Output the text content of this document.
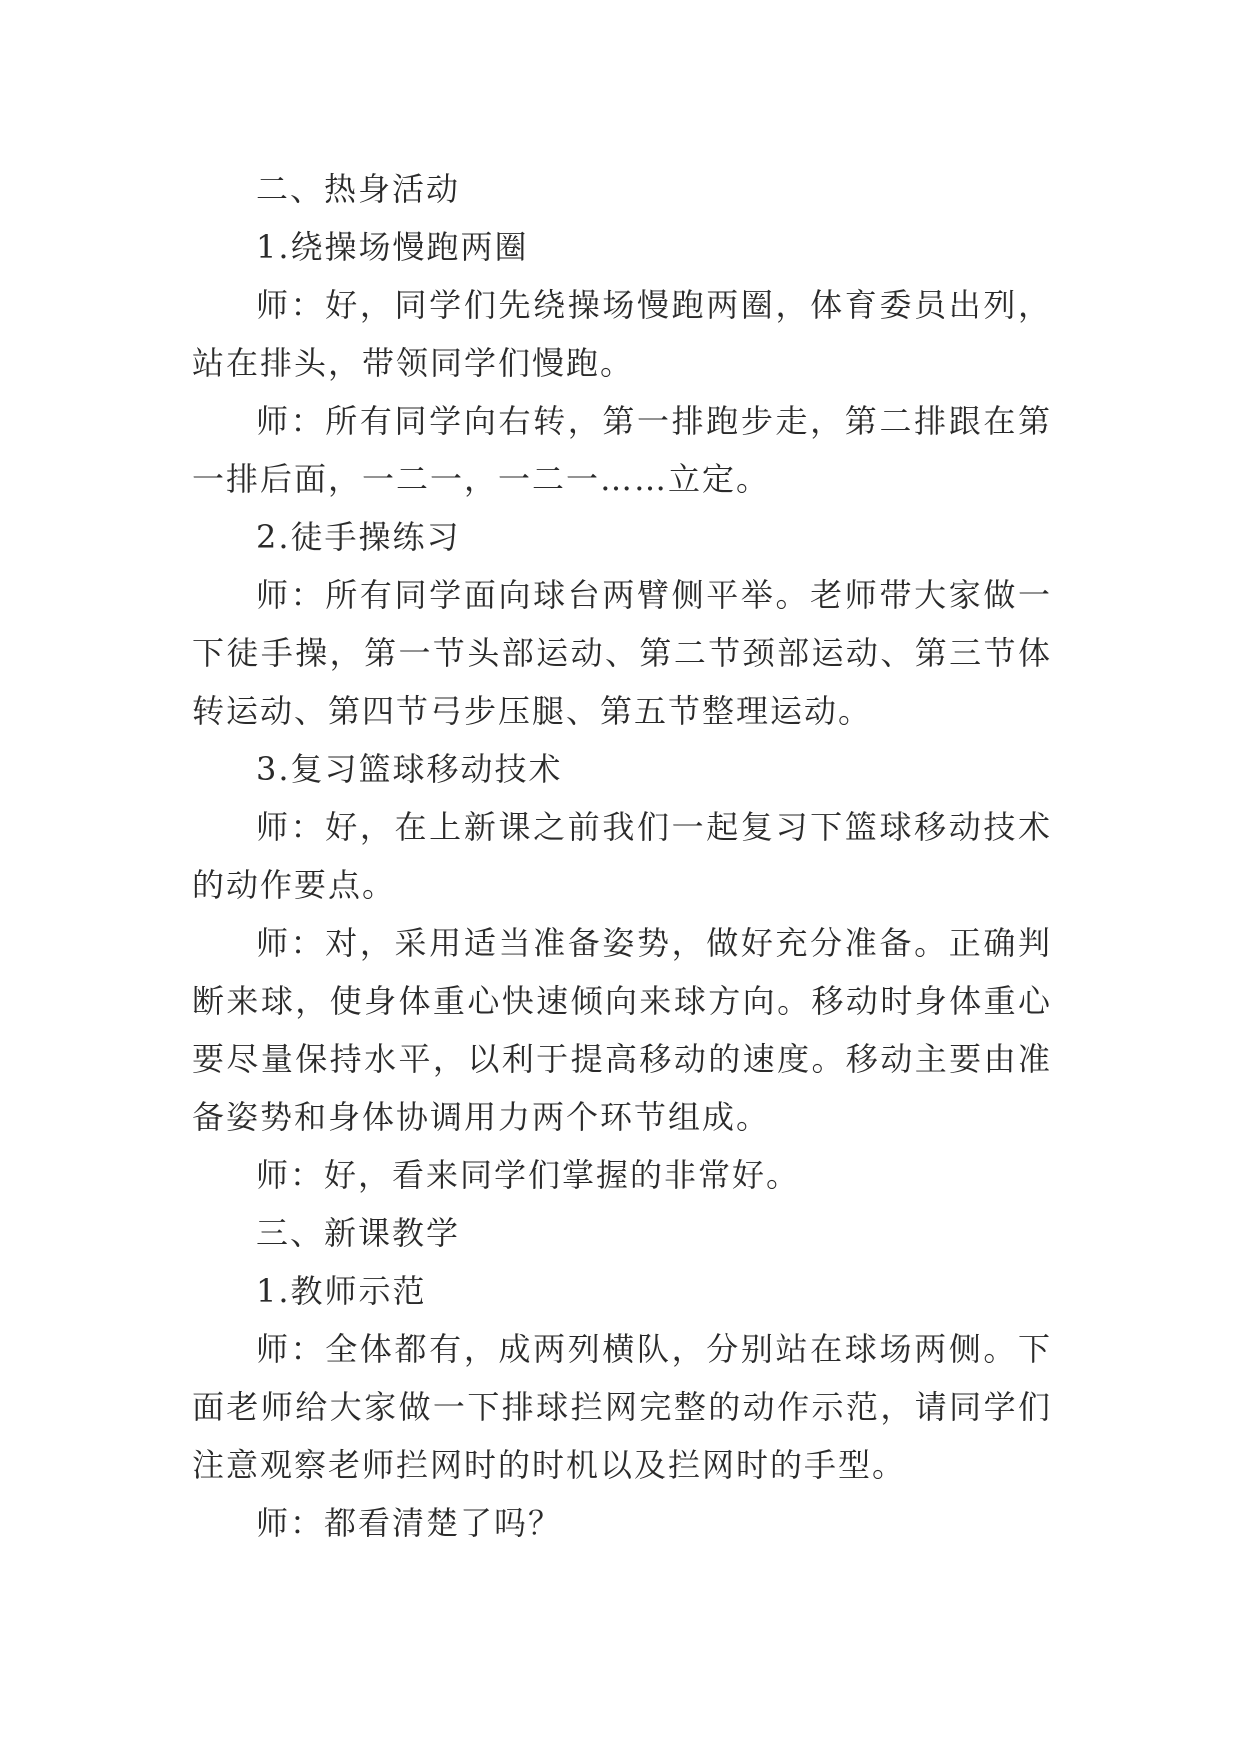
二、热身活动

1.绕操场慢跑两圈

师：好，同学们先绕操场慢跑两圈，体育委员出列，站在排头，带领同学们慢跑。

师：所有同学向右转，第一排跑步走，第二排跟在第一排后面，一二一，一二一……立定。

2.徒手操练习

师：所有同学面向球台两臂侧平举。老师带大家做一下徒手操，第一节头部运动、第二节颈部运动、第三节体转运动、第四节弓步压腿、第五节整理运动。

3.复习篮球移动技术

师：好，在上新课之前我们一起复习下篮球移动技术的动作要点。

师：对，采用适当准备姿势，做好充分准备。正确判断来球，使身体重心快速倾向来球方向。移动时身体重心要尽量保持水平，以利于提高移动的速度。移动主要由准备姿势和身体协调用力两个环节组成。

师：好，看来同学们掌握的非常好。

三、新课教学

1.教师示范

师：全体都有，成两列横队，分别站在球场两侧。下面老师给大家做一下排球拦网完整的动作示范，请同学们注意观察老师拦网时的时机以及拦网时的手型。

师：都看清楚了吗？
